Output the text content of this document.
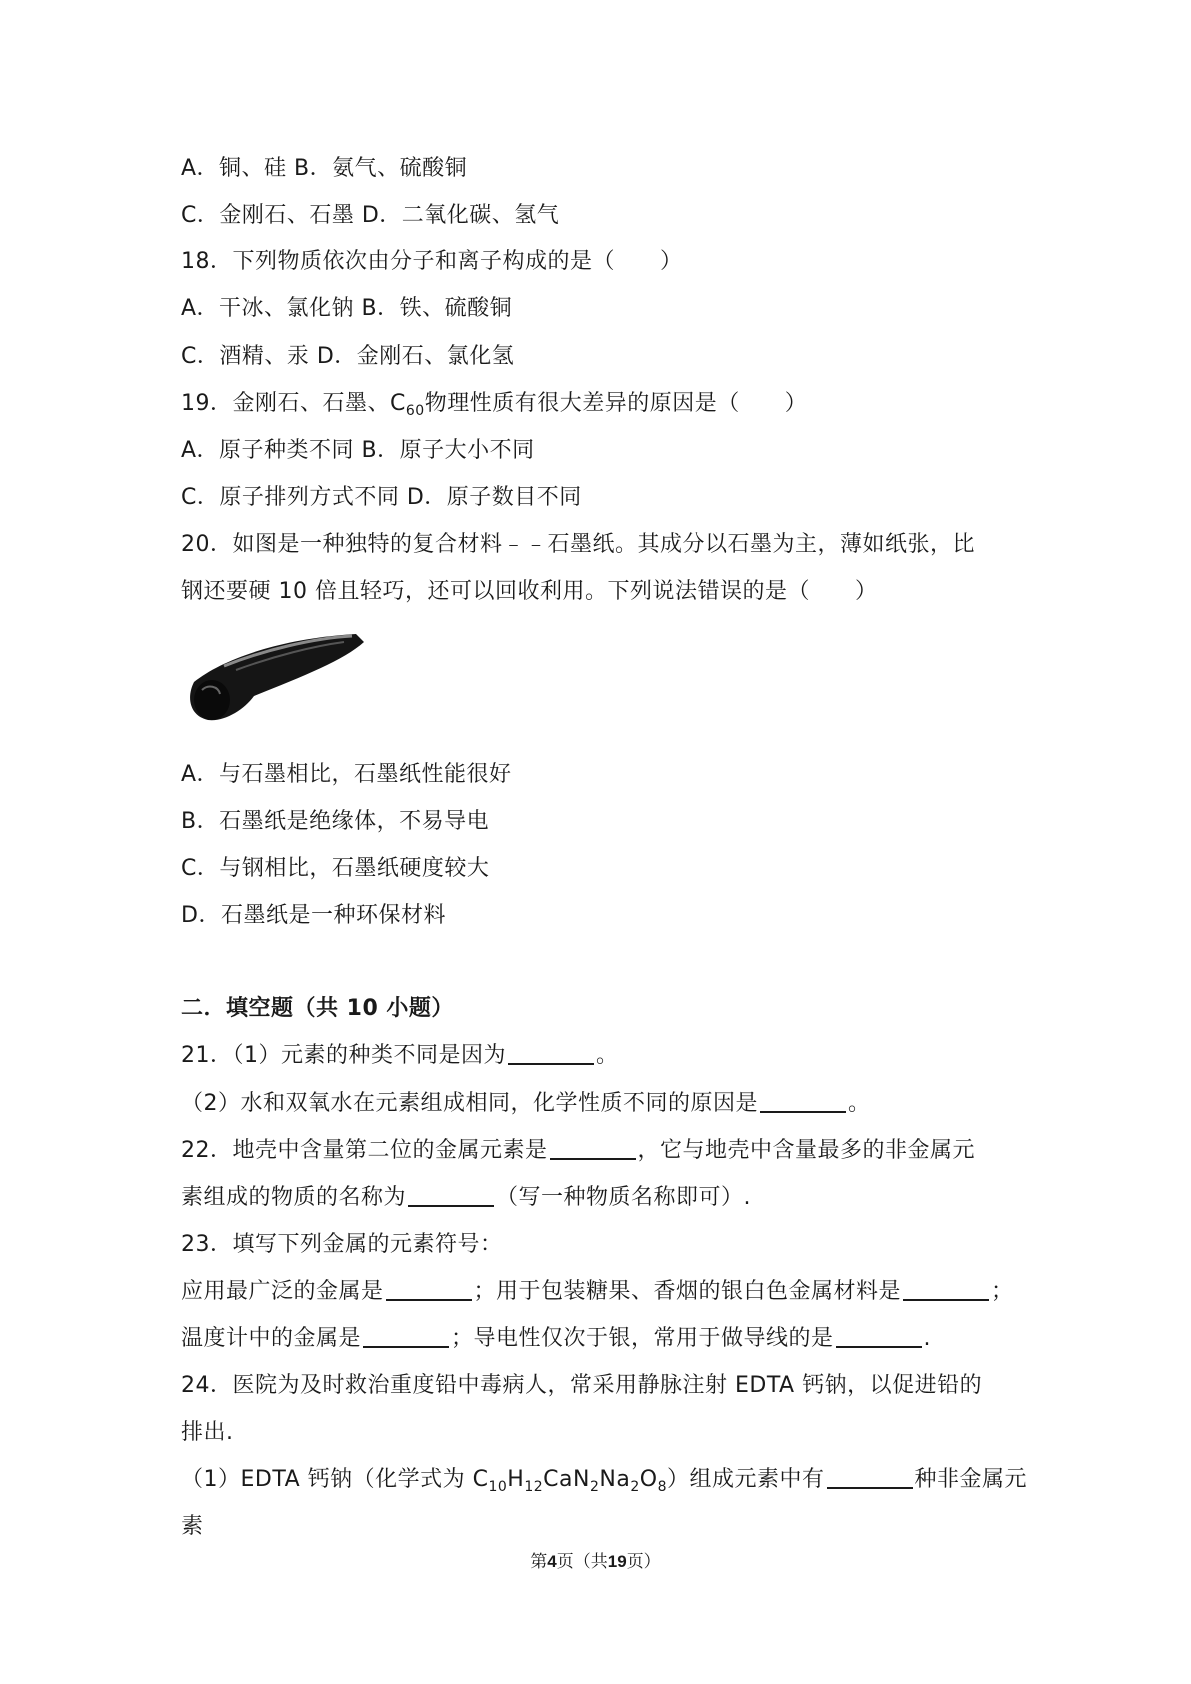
A．铜、硅 B．氨气、硫酸铜
C．金刚石、石墨 D．二氧化碳、氢气
18．下列物质依次由分子和离子构成的是（　　）
A．干冰、氯化钠 B．铁、硫酸铜
C．酒精、汞 D．金刚石、氯化氢
19．金刚石、石墨、$C_{60}$物理性质有很大差异的原因是（　　）
A．原子种类不同 B．原子大小不同
C．原子排列方式不同 D．原子数目不同
20．如图是一种独特的复合材料﹣﹣石墨纸。其成分以石墨为主，薄如纸张，比
钢还要硬 10 倍且轻巧，还可以回收利用。下列说法错误的是（　　）
A．与石墨相比，石墨纸性能很好
B．石墨纸是绝缘体，不易导电
C．与钢相比，石墨纸硬度较大
D．石墨纸是一种环保材料
二．填空题（共 10 小题）
21．（1）元素的种类不同是因为	。
（2）水和双氧水在元素组成相同，化学性质不同的原因是	。
22．地壳中含量第二位的金属元素是	，它与地壳中含量最多的非金属元
素组成的物质的名称为	（写一种物质名称即可）.
23．填写下列金属的元素符号：
应用最广泛的金属是	；用于包装糖果、香烟的银白色金属材料是	；
温度计中的金属是	；导电性仅次于银，常用于做导线的是	.
24．医院为及时救治重度铅中毒病人，常采用静脉注射 EDTA 钙钠，以促进铅的
排出.
（1）EDTA 钙钠（化学式为 $C_{10}H_{12}CaN_2Na_2O_8$）组成元素中有	种非金属元
素
第4页（共19页）
